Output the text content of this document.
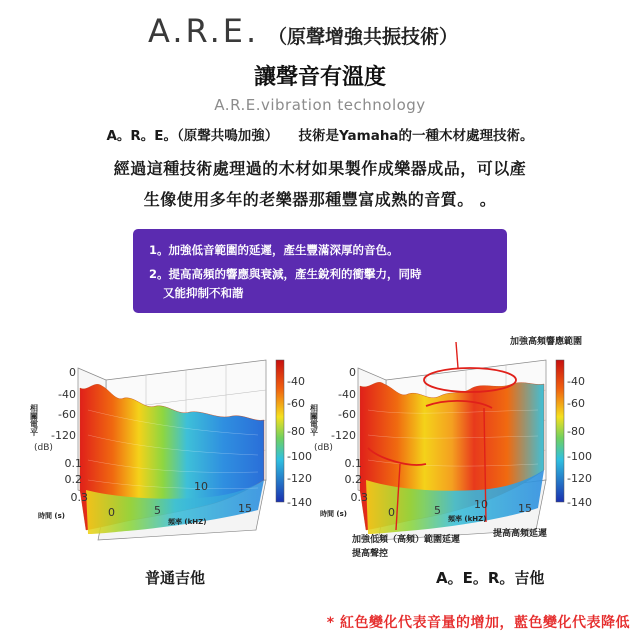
A.R.E. （原聲增強共振技術）
讓聲音有溫度
A.R.E.vibration technology
A。R。E。（原聲共鳴加強）　　技術是Yamaha的一種木材處理技術。
經過這種技術處理過的木材如果製作成樂器成品，可以產
生像使用多年的老樂器那種豐富成熟的音質。 。
1。加強低音範圍的延遲，產生豐滿深厚的音色。
2。提高高頻的響應與衰減，產生銳利的衝擊力，同時
又能抑制不和諧
-40
-60
-80
-100
-120
-140
0
-40
-60
-120
相關電平
(dB)
0.1
0.2
0.3
時間 (s)	0	5
10
15
頻率 (kHZ)
-40
-60
-80
-100
-120
-140
0
-40
-60
-120
相關電平
(dB)
0.1
0.2
0.3
時間 (s)	0	5	10	15
頻率 (kHZ)
加強高頻響應範圍
加強低頻（高頻）範圍延遲
提高聲控
提高高頻延遲
普通吉他	A。E。R。吉他
* 紅色變化代表音量的增加，藍色變化代表降低
